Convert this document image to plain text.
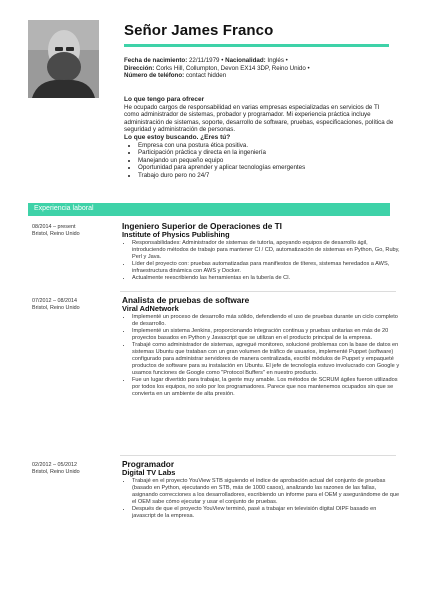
Señor James Franco
Fecha de nacimiento: 22/11/1979 • Nacionalidad: Inglés •
Dirección: Corks Hill, Collumpton, Devon EX14 3DP, Reino Unido •
Número de teléfono: contact hidden

Lo que tengo para ofrecer

He ocupado cargos de responsabilidad en varias empresas especializadas en servicios de TI como administrador de sistemas, probador y programador. Mi experiencia práctica incluye administración de sistemas, soporte, desarrollo de software, pruebas, especificaciones, política de seguridad y administración de personas.

Lo que estoy buscando. ¿Eres tú?

• Empresa con una postura ética positiva.
• Participación práctica y directa en la ingeniería
• Manejando un pequeño equipo
• Oportunidad para aprender y aplicar tecnologías emergentes
• Trabajo duro pero no 24/7
Experiencia laboral
08/2014 – present
Bristol, Reino Unido
Ingeniero Superior de Operaciones de TI
Institute of Physics Publishing
• Responsabilidades: Administrador de sistemas de tutoría, apoyando equipos de desarrollo ágil, introduciendo métodos de trabajo para mantener CI / CD, automatización de sistemas en Python, Go, Ruby, Perl y Java.
• Líder del proyecto con: pruebas automatizadas para manifiestos de títeres, sistemas heredados a AWS, infraestructura dinámica con AWS y Docker.
• Actualmente reescribiendo las herramientas en la tubería de CI.
07/2012 – 08/2014
Bristol, Reino Unido
Analista de pruebas de software
Viral AdNetwork
• Implementé un proceso de desarrollo más sólido, defendiendo el uso de pruebas durante un ciclo completo de desarrollo.
• Implementé un sistema Jenkins, proporcionando integración continua y pruebas unitarias en más de 20 proyectos basados en Python y Javascript que se utilizan en el producto principal de la empresa.
• Trabajé como administrador de sistemas, agregué monitoreo, solucioné problemas con la base de datos en sistemas Ubuntu que trataban con un gran volumen de tráfico de usuarios, implementé Puppet (software) configurado para administrar servidores de manera centralizada, escribí módulos de Puppet y empaqueté productos de software para su instalación en Ubuntu. El jefe de tecnología estuvo involucrado con Google y usamos funciones de Google como "Protocol Buffers" en nuestro producto.
• Fue un lugar divertido para trabajar, la gente muy amable. Los métodos de SCRUM ágiles fueron utilizados por todos los equipos, no solo por los programadores. Parece que nos mantenemos ocupados sin que se convierta en un ambiente de alta presión.
02/2012 – 05/2012
Bristol, Reino Unido
Programador
Digital TV Labs
• Trabajé en el proyecto YouView STB siguiendo el índice de aprobación actual del conjunto de pruebas (basado en Python, ejecutando en STB, más de 1000 casos), analizando las razones de las fallas, asignando correcciones a los desarrolladores, escribiendo un informe para el OEM y asegurándome de que el OEM sabe cómo ejecutar y usar el conjunto de pruebas.
• Después de que el proyecto YouView terminó, pasé a trabajar en televisión digital OIPF basado en javascript de la empresa.
